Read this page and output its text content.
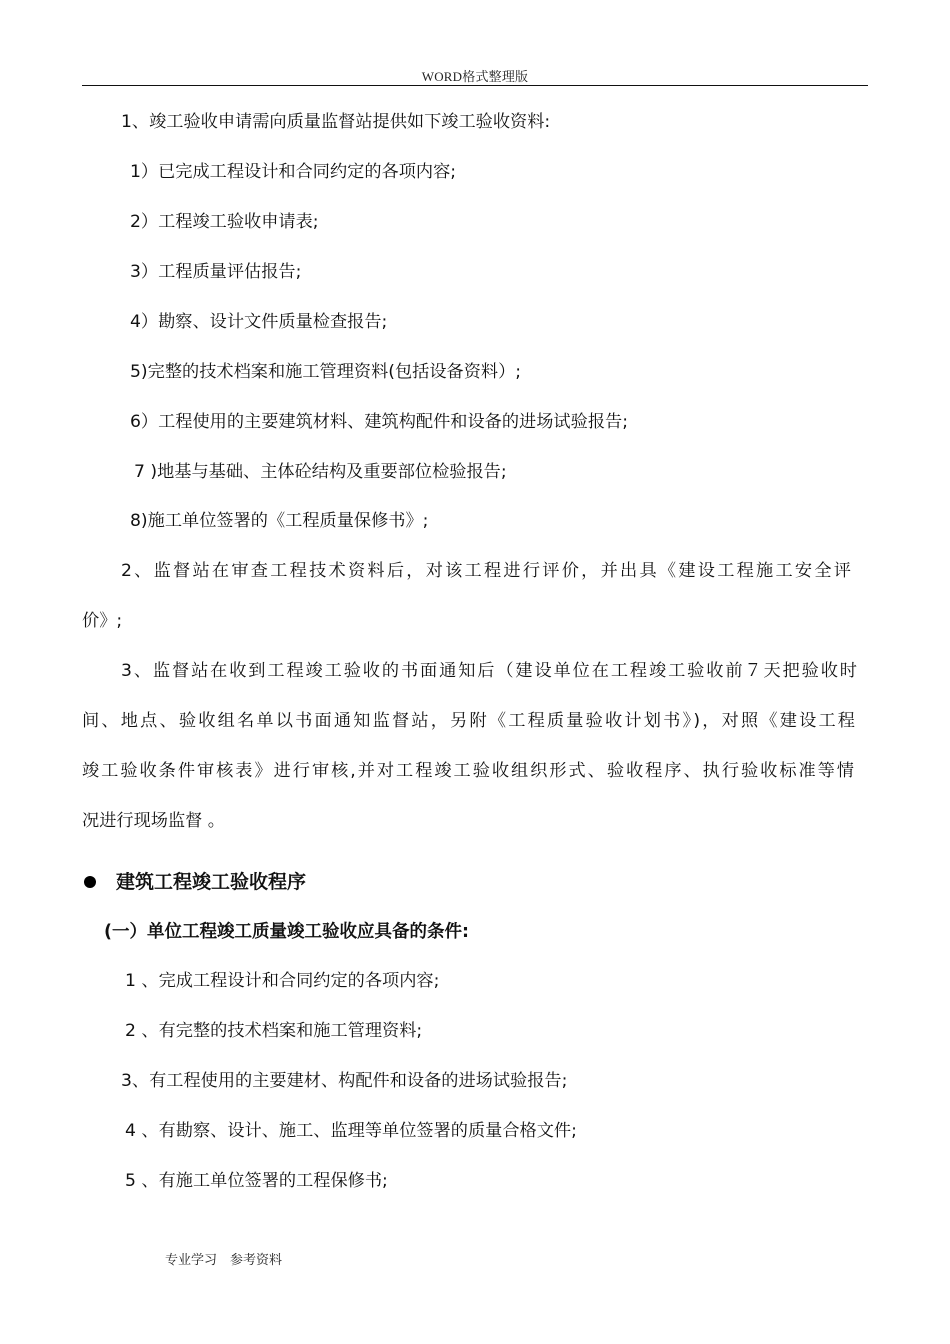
WORD格式整理版
1、竣工验收申请需向质量监督站提供如下竣工验收资料:
1）已完成工程设计和合同约定的各项内容;
2）工程竣工验收申请表;
3）工程质量评估报告;
4）勘察、设计文件质量检查报告;
5)完整的技术档案和施工管理资料(包括设备资料）;
6）工程使用的主要建筑材料、建筑构配件和设备的进场试验报告;
7 )地基与基础、主体砼结构及重要部位检验报告;
8)施工单位签署的《工程质量保修书》;
2、监督站在审查工程技术资料后，对该工程进行评价，并出具《建设工程施工安全评
价》;
3、监督站在收到工程竣工验收的书面通知后（建设单位在工程竣工验收前７天把验收时
间、地点、验收组名单以书面通知监督站，另附《工程质量验收计划书》)，对照《建设工程
竣工验收条件审核表》进行审核,并对工程竣工验收组织形式、验收程序、执行验收标准等情
况进行现场监督 。
建筑工程竣工验收程序
(一）单位工程竣工质量竣工验收应具备的条件:
1 、完成工程设计和合同约定的各项内容;
2 、有完整的技术档案和施工管理资料;
3、有工程使用的主要建材、构配件和设备的进场试验报告;
4 、有勘察、设计、施工、监理等单位签署的质量合格文件;
5 、有施工单位签署的工程保修书;
专业学习　参考资料
